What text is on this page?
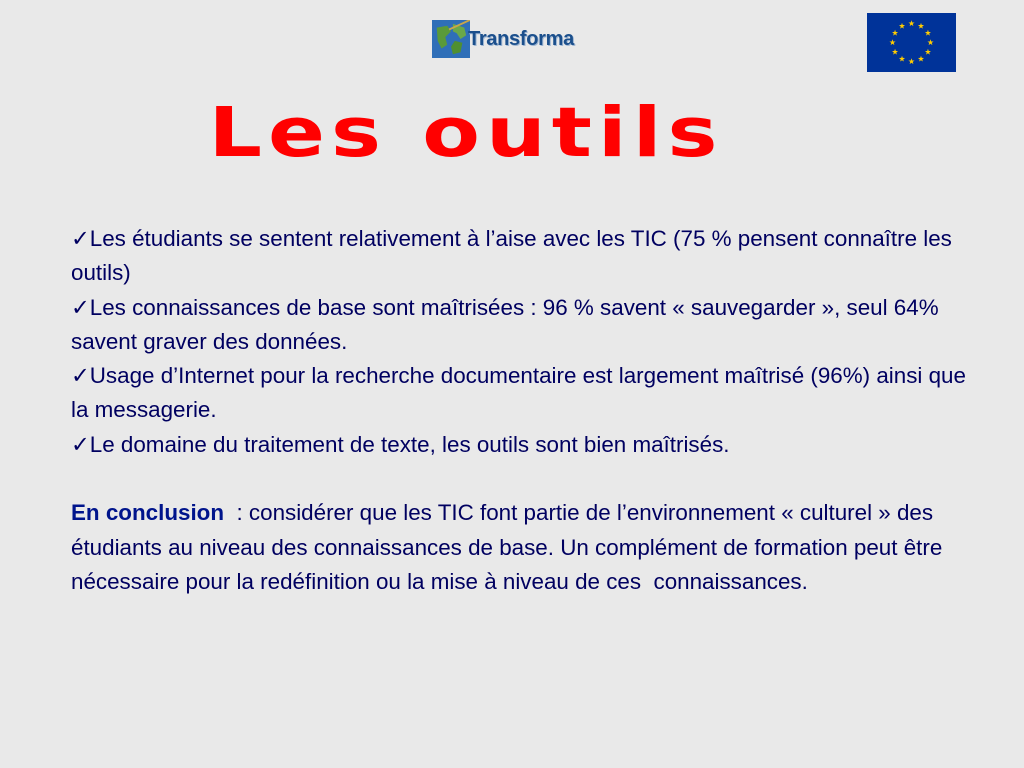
Transforma
Les outils

✓Les étudiants se sentent relativement à l’aise avec les TIC (75 % pensent connaître les outils)

✓Les connaissances de base sont maîtrisées : 96 % savent « sauvegarder », seul 64% savent graver des données.

✓Usage d’Internet pour la recherche documentaire est largement maîtrisé (96%) ainsi que la messagerie.

✓Le domaine du traitement de texte, les outils sont bien maîtrisés.

En conclusion  : considérer que les TIC font partie de l’environnement « culturel » des étudiants au niveau des connaissances de base. Un complément de formation peut être nécessaire pour la redéfinition ou la mise à niveau de ces  connaissances.
